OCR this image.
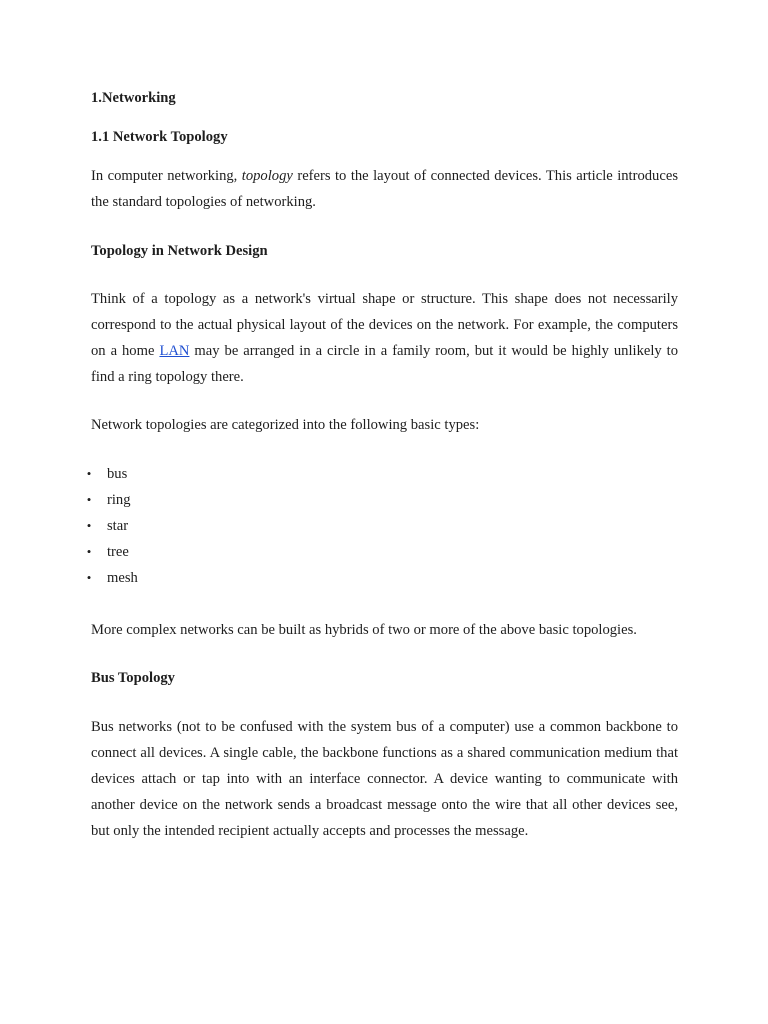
1.Networking
1.1 Network Topology

In computer networking, topology refers to the layout of connected devices. This article introduces the standard topologies of networking.

Topology in Network Design

Think of a topology as a network's virtual shape or structure. This shape does not necessarily correspond to the actual physical layout of the devices on the network. For example, the computers on a home LAN may be arranged in a circle in a family room, but it would be highly unlikely to find a ring topology there.

Network topologies are categorized into the following basic types:

• bus
• ring
• star
• tree
• mesh

More complex networks can be built as hybrids of two or more of the above basic topologies.

Bus Topology

Bus networks (not to be confused with the system bus of a computer) use a common backbone to connect all devices. A single cable, the backbone functions as a shared communication medium that devices attach or tap into with an interface connector. A device wanting to communicate with another device on the network sends a broadcast message onto the wire that all other devices see, but only the intended recipient actually accepts and processes the message.
